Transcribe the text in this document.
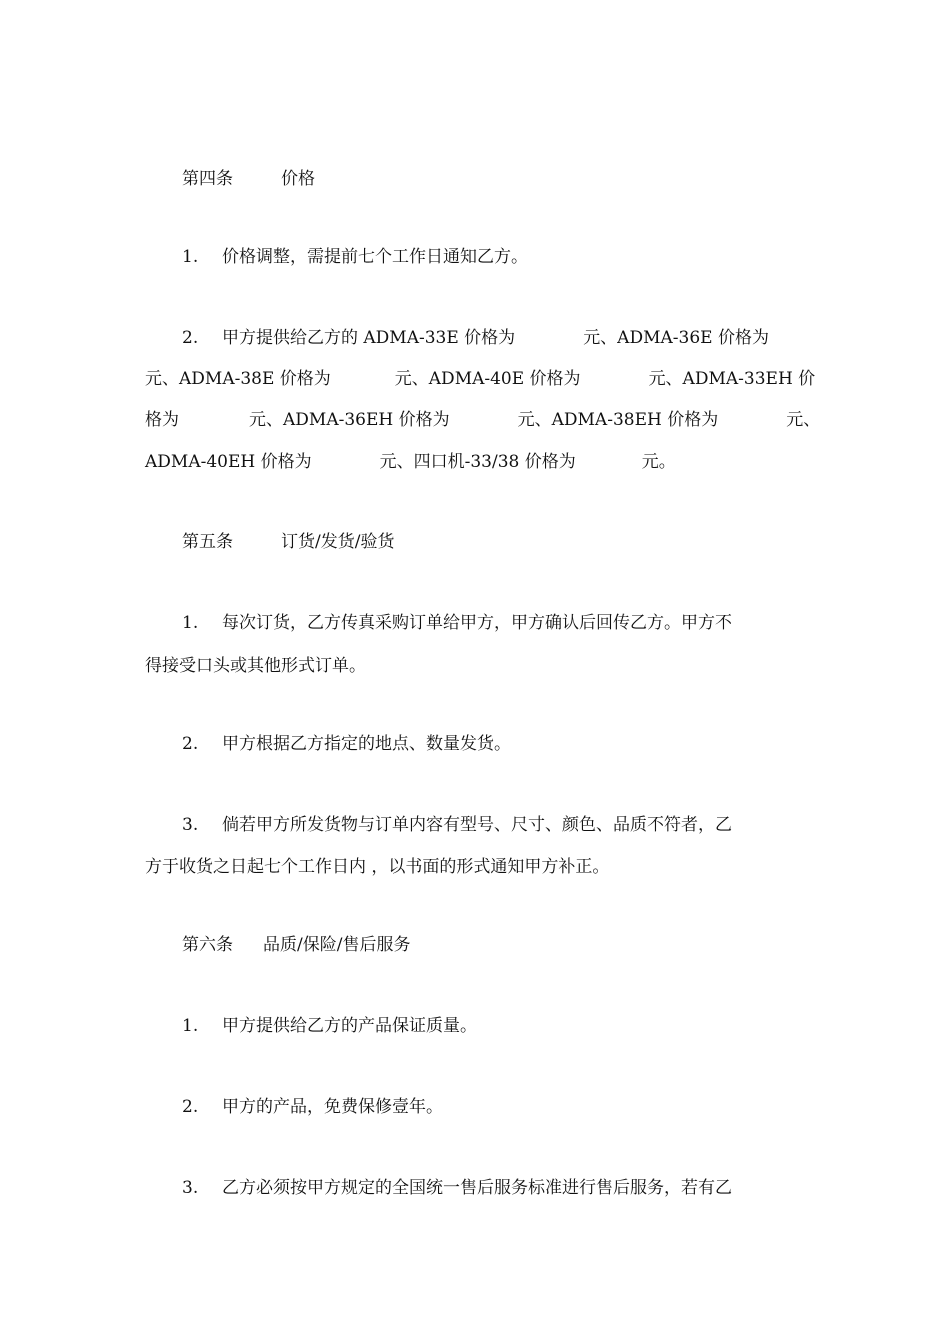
第四条	价格
1. 价格调整，需提前七个工作日通知乙方。
2. 甲方提供给乙方的 ADMA-33E 价格为	元、ADMA-36E 价格为
元、ADMA-38E 价格为	元、ADMA-40E 价格为	元、ADMA-33EH 价
格为	元、ADMA-36EH 价格为	元、ADMA-38EH 价格为	元、
ADMA-40EH 价格为	元、四口机-33/38 价格为	元。
第五条	订货/发货/验货
1. 每次订货，乙方传真采购订单给甲方，甲方确认后回传乙方。甲方不
得接受口头或其他形式订单。
2. 甲方根据乙方指定的地点、数量发货。
3. 倘若甲方所发货物与订单内容有型号、尺寸、颜色、品质不符者，乙
方于收货之日起七个工作日内 ，以书面的形式通知甲方补正。
第六条 品质/保险/售后服务
1. 甲方提供给乙方的产品保证质量。
2. 甲方的产品，免费保修壹年。
3. 乙方必须按甲方规定的全国统一售后服务标准进行售后服务，若有乙
